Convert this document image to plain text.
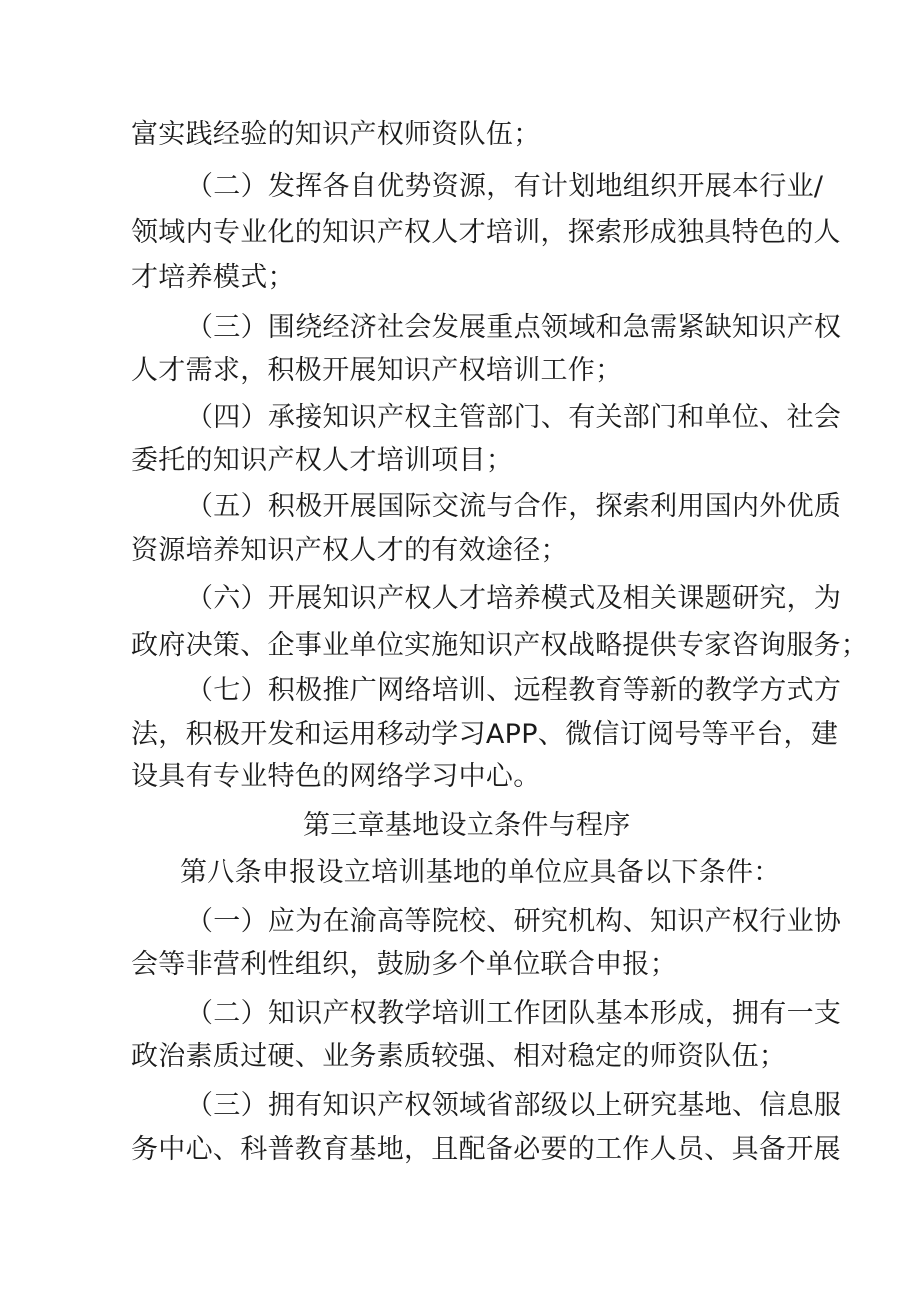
富实践经验的知识产权师资队伍；

（二）发挥各自优势资源，有计划地组织开展本行业/

领域内专业化的知识产权人才培训，探索形成独具特色的人

才培养模式；

（三）围绕经济社会发展重点领域和急需紧缺知识产权

人才需求，积极开展知识产权培训工作；

（四）承接知识产权主管部门、有关部门和单位、社会

委托的知识产权人才培训项目；

（五）积极开展国际交流与合作，探索利用国内外优质

资源培养知识产权人才的有效途径；

（六）开展知识产权人才培养模式及相关课题研究，为

政府决策、企事业单位实施知识产权战略提供专家咨询服务；

（七）积极推广网络培训、远程教育等新的教学方式方

法，积极开发和运用移动学习APP、微信订阅号等平台，建

设具有专业特色的网络学习中心。

第三章基地设立条件与程序

第八条申报设立培训基地的单位应具备以下条件：

（一）应为在渝高等院校、研究机构、知识产权行业协

会等非营利性组织，鼓励多个单位联合申报；

（二）知识产权教学培训工作团队基本形成，拥有一支

政治素质过硬、业务素质较强、相对稳定的师资队伍；

（三）拥有知识产权领域省部级以上研究基地、信息服

务中心、科普教育基地，且配备必要的工作人员、具备开展
